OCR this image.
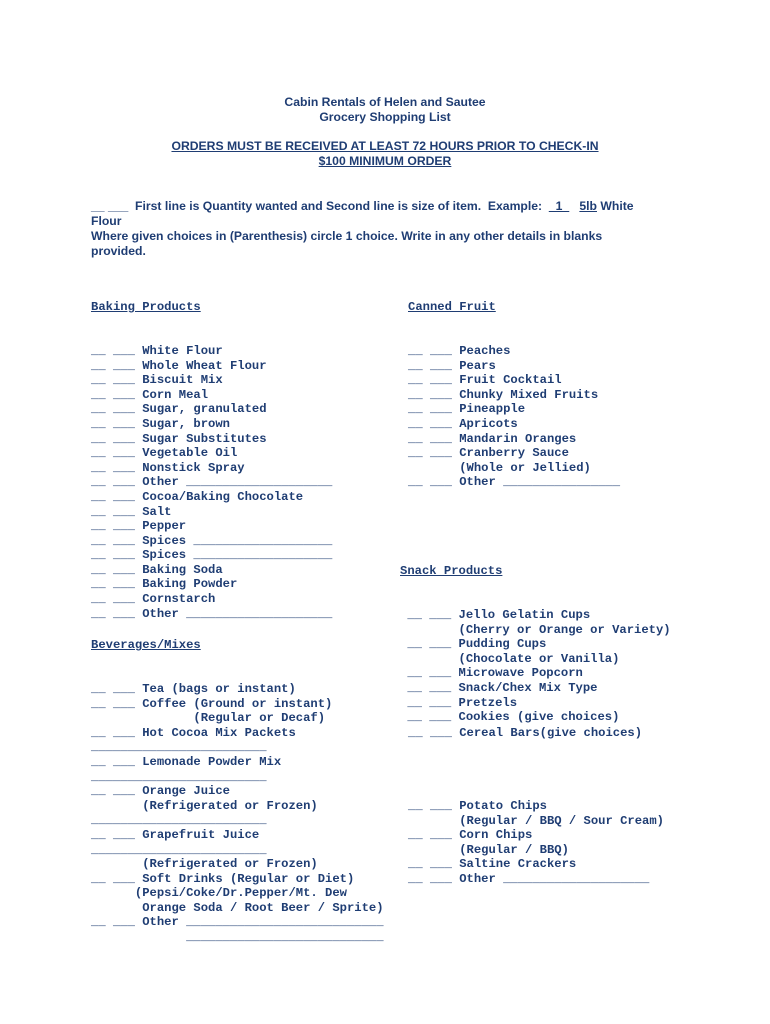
Cabin Rentals of Helen and Sautee
Grocery Shopping List
ORDERS MUST BE RECEIVED AT LEAST 72 HOURS PRIOR TO CHECK-IN
$100 MINIMUM ORDER
__ ___  First line is Quantity wanted and Second line is size of item.  Example:  _1_ 5lb White
Flour
Where given choices in (Parenthesis) circle 1 choice. Write in any other details in blanks
provided.

Baking Products

__ ___ White Flour
__ ___ Whole Wheat Flour
__ ___ Biscuit Mix
__ ___ Corn Meal
__ ___ Sugar, granulated
__ ___ Sugar, brown
__ ___ Sugar Substitutes
__ ___ Vegetable Oil
__ ___ Nonstick Spray
__ ___ Other ____________________
__ ___ Cocoa/Baking Chocolate
__ ___ Salt
__ ___ Pepper
__ ___ Spices ___________________
__ ___ Spices ___________________
__ ___ Baking Soda
__ ___ Baking Powder
__ ___ Cornstarch
__ ___ Other ____________________

Canned Fruit

__ ___ Peaches
__ ___ Pears
__ ___ Fruit Cocktail
__ ___ Chunky Mixed Fruits
__ ___ Pineapple
__ ___ Apricots
__ ___ Mandarin Oranges
__ ___ Cranberry Sauce
(Whole or Jellied)
__ ___ Other ________________

Snack Products

__ ___ Jello Gelatin Cups
(Cherry or Orange or Variety)
__ ___ Pudding Cups
(Chocolate or Vanilla)
__ ___ Microwave Popcorn
__ ___ Snack/Chex Mix Type
__ ___ Pretzels
__ ___ Cookies (give choices)

__ ___ Cereal Bars(give choices)
__ ___ Potato Chips
(Regular / BBQ / Sour Cream)
__ ___ Corn Chips
(Regular / BBQ)
__ ___ Saltine Crackers
__ ___ Other ____________________

Beverages/Mixes

__ ___ Tea (bags or instant)
__ ___ Coffee (Ground or instant)
(Regular or Decaf)
__ ___ Hot Cocoa Mix Packets
________________________
__ ___ Lemonade Powder Mix
________________________
__ ___ Orange Juice
(Refrigerated or Frozen)
________________________
__ ___ Grapefruit Juice
________________________
(Refrigerated or Frozen)
__ ___ Soft Drinks (Regular or Diet)
(Pepsi/Coke/Dr.Pepper/Mt. Dew
Orange Soda / Root Beer / Sprite)
__ ___ Other ___________________________
___________________________
